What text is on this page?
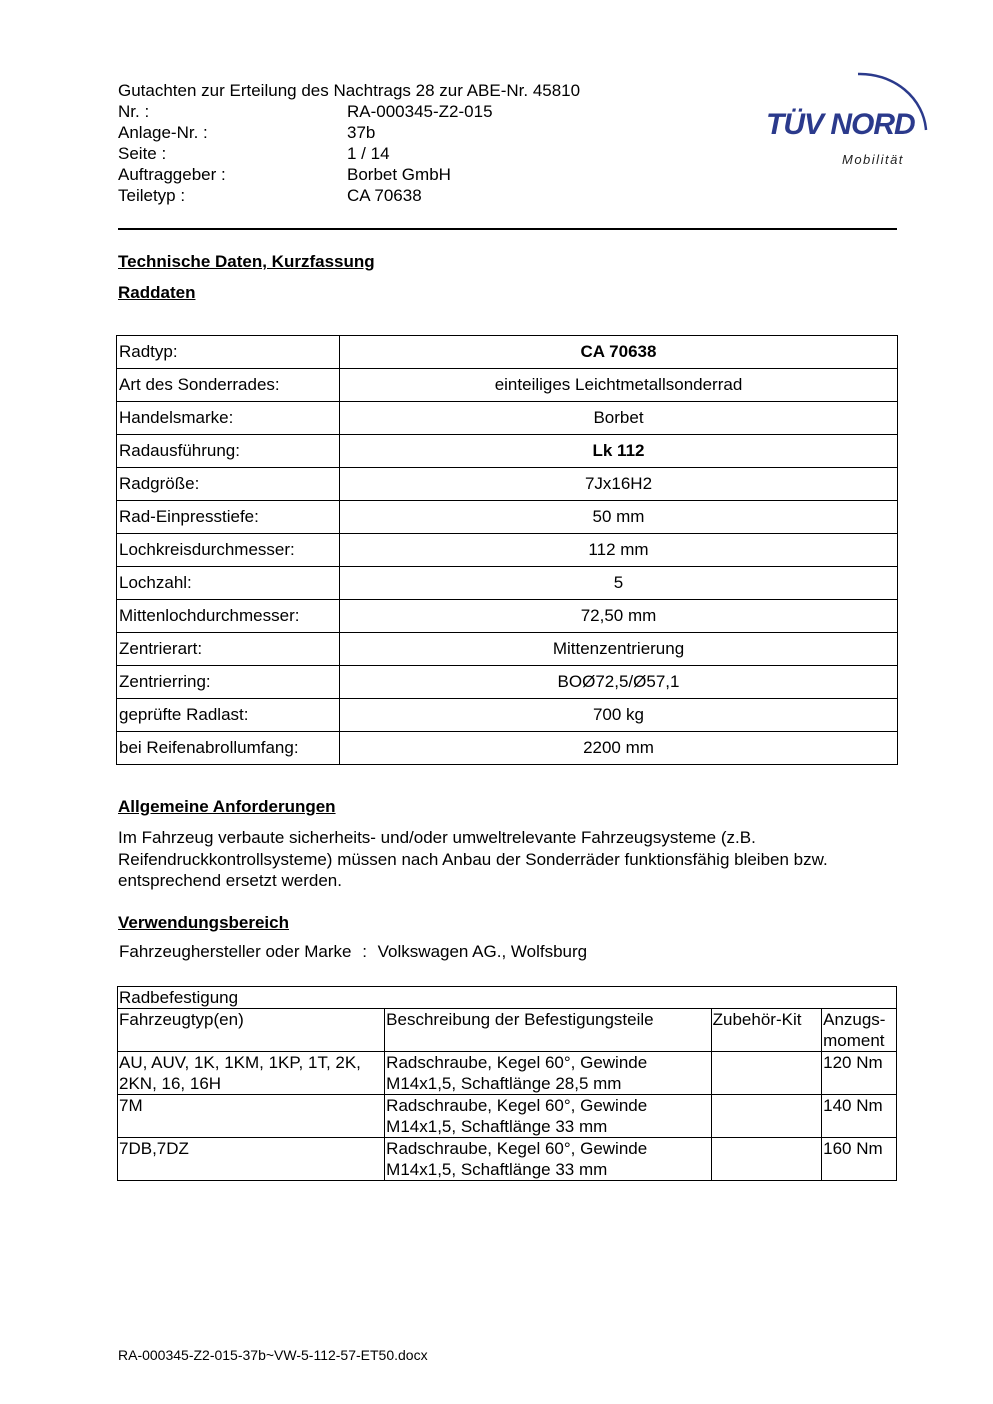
Gutachten zur Erteilung des Nachtrags 28 zur ABE-Nr. 45810
Nr. :	RA-000345-Z2-015
Anlage-Nr. :	37b
Seite :	1 / 14
Auftraggeber :	Borbet GmbH
Teiletyp :	CA 70638
TÜV NORD
Mobilität
Technische Daten, Kurzfassung
Raddaten
Radtyp:	CA 70638
Art des Sonderrades:	einteiliges Leichtmetallsonderrad
Handelsmarke:	Borbet
Radausführung:	Lk 112
Radgröße:	7Jx16H2
Rad-Einpresstiefe:	50 mm
Lochkreisdurchmesser:	112 mm
Lochzahl:	5
Mittenlochdurchmesser:	72,50 mm
Zentrierart:	Mittenzentrierung
Zentrierring:	BOØ72,5/Ø57,1
geprüfte Radlast:	700 kg
bei Reifenabrollumfang:	2200 mm
Allgemeine Anforderungen
Im Fahrzeug verbaute sicherheits- und/oder umweltrelevante Fahrzeugsysteme (z.B. Reifendruckkontrollsysteme) müssen nach Anbau der Sonderräder funktionsfähig bleiben bzw. entsprechend ersetzt werden.
Verwendungsbereich
Fahrzeughersteller oder Marke : Volkswagen AG., Wolfsburg
Radbefestigung			
Fahrzeugtyp(en)	Beschreibung der Befestigungsteile	Zubehör-Kit	Anzugs-moment
AU, AUV, 1K, 1KM, 1KP, 1T, 2K, 2KN, 16, 16H	Radschraube, Kegel 60°, Gewinde M14x1,5, Schaftlänge 28,5 mm		120 Nm
7M	Radschraube, Kegel 60°, Gewinde M14x1,5, Schaftlänge 33 mm		140 Nm
7DB,7DZ	Radschraube, Kegel 60°, Gewinde M14x1,5, Schaftlänge 33 mm		160 Nm
RA-000345-Z2-015-37b~VW-5-112-57-ET50.docx
